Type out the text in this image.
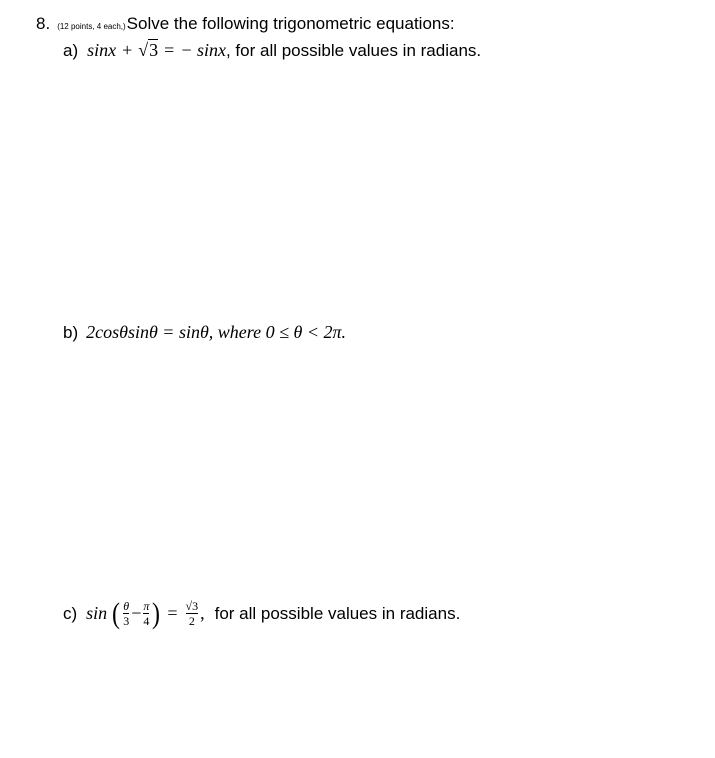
8. (12 points, 4 each,) Solve the following trigonometric equations:
a) sinx + √3 = − sinx , for all possible values in radians.
b) 2cosθsinθ = sinθ, where 0 ≤ θ < 2π.
c) sin ( $\frac{\theta}{3} - \frac{\pi}{4}$ ) = $\frac{√3}{2}$ , for all possible values in radians.
